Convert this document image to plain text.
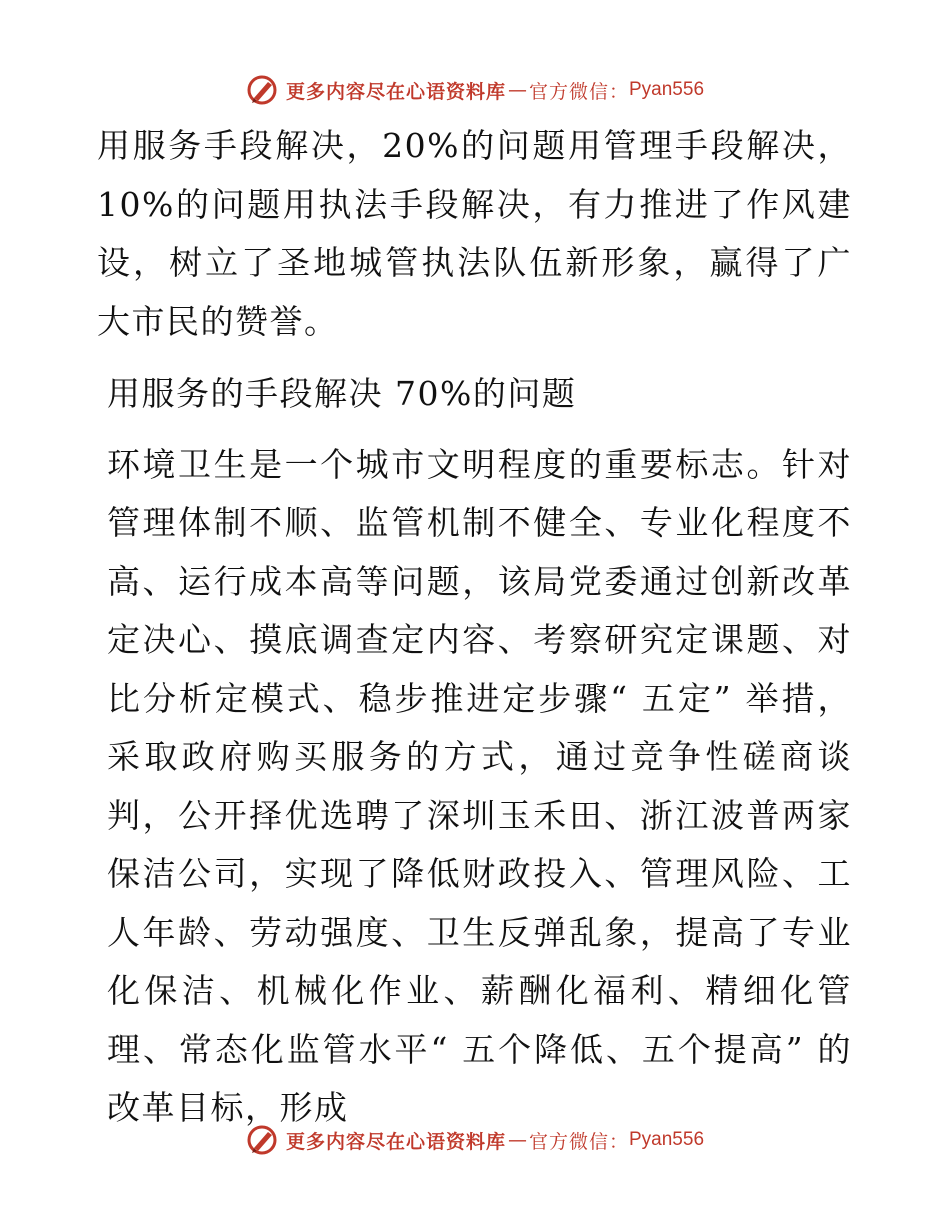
更多内容尽在心语资料库 — 官方微信： Pyan556

用服务手段解决，20%的问题用管理手段解决，10%的问题用执法手段解决，有力推进了作风建设，树立了圣地城管执法队伍新形象，赢得了广大市民的赞誉。

用服务的手段解决 70%的问题

环境卫生是一个城市文明程度的重要标志。针对管理体制不顺、监管机制不健全、专业化程度不高、运行成本高等问题，该局党委通过创新改革定决心、摸底调查定内容、考察研究定课题、对比分析定模式、稳步推进定步骤“ 五定” 举措，采取政府购买服务的方式，通过竞争性磋商谈判，公开择优选聘了深圳玉禾田、浙江波普两家保洁公司，实现了降低财政投入、管理风险、工人年龄、劳动强度、卫生反弹乱象，提高了专业化保洁、机械化作业、薪酬化福利、精细化管理、常态化监管水平“ 五个降低、五个提高” 的改革目标，形成

更多内容尽在心语资料库 — 官方微信： Pyan556
